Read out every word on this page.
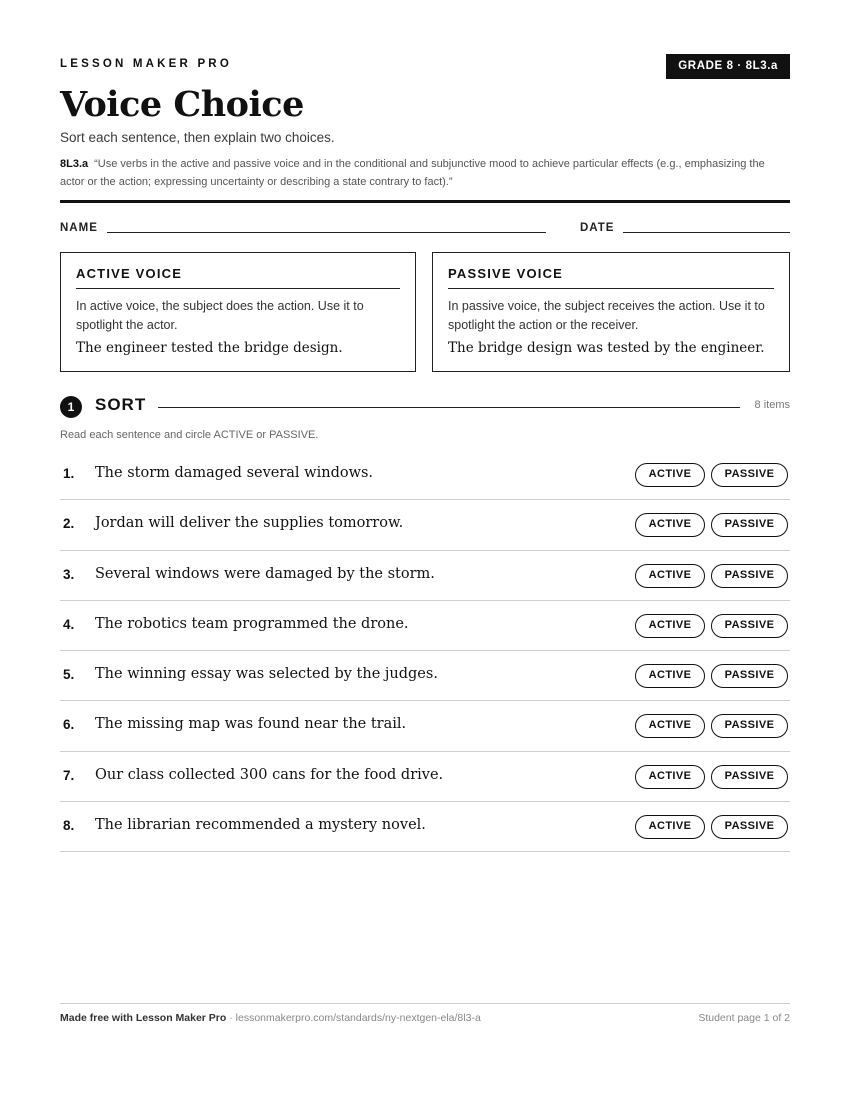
LESSON MAKER PRO	GRADE 8 · 8L3.a
Voice Choice
Sort each sentence, then explain two choices.
8L3.a “Use verbs in the active and passive voice and in the conditional and subjunctive mood to achieve particular effects (e.g., emphasizing the actor or the action; expressing uncertainty or describing a state contrary to fact).”
NAME	DATE
ACTIVE VOICE
In active voice, the subject does the action. Use it to spotlight the actor.
The engineer tested the bridge design.
PASSIVE VOICE
In passive voice, the subject receives the action. Use it to spotlight the action or the receiver.
The bridge design was tested by the engineer.
1	SORT	8 items
Read each sentence and circle ACTIVE or PASSIVE.
1. The storm damaged several windows.	ACTIVE	PASSIVE
2. Jordan will deliver the supplies tomorrow.	ACTIVE	PASSIVE
3. Several windows were damaged by the storm.	ACTIVE	PASSIVE
4. The robotics team programmed the drone.	ACTIVE	PASSIVE
5. The winning essay was selected by the judges.	ACTIVE	PASSIVE
6. The missing map was found near the trail.	ACTIVE	PASSIVE
7. Our class collected 300 cans for the food drive.	ACTIVE	PASSIVE
8. The librarian recommended a mystery novel.	ACTIVE	PASSIVE
Made free with Lesson Maker Pro · lessonmakerpro.com/standards/ny-nextgen-ela/8l3-a	Student page 1 of 2
